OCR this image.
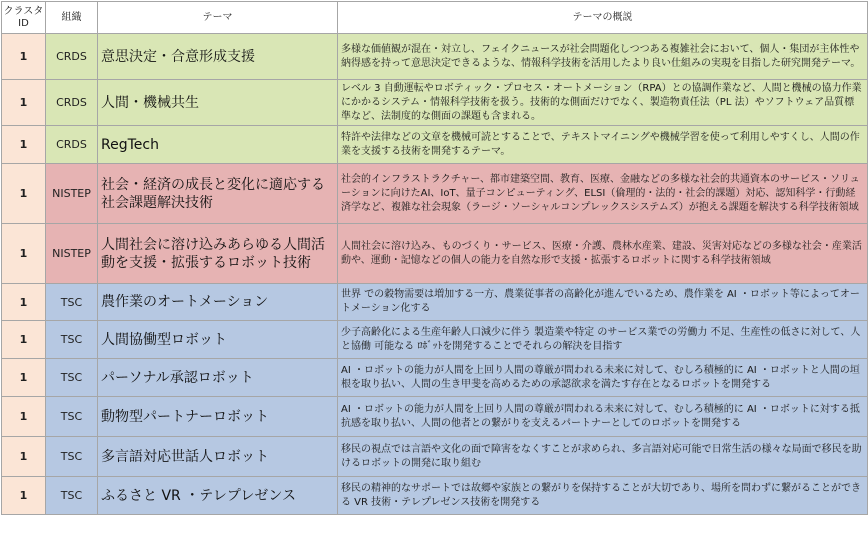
クラスタ ID	組織	テーマ	テーマの概説
1	CRDS	意思決定・合意形成支援	多様な価値観が混在・対立し、フェイクニュースが社会問題化しつつある複雑社会において、個人・集団が主体性や納得感を持って意思決定できるような、情報科学技術を活用したより良い仕組みの実現を目指した研究開発テーマ。
1	CRDS	人間・機械共生	レベル 3 自動運転やロボティック・プロセス・オートメーション（RPA）との協調作業など、人間と機械の協力作業にかかるシステム・情報科学技術を扱う。技術的な側面だけでなく、製造物責任法（PL 法）やソフトウェア品質標準など、法制度的な側面の課題も含まれる。
1	CRDS	RegTech	特許や法律などの文章を機械可読とすることで、テキストマイニングや機械学習を使って利用しやすくし、人間の作業を支援する技術を開発するテーマ。
1	NISTEP	社会・経済の成長と変化に適応する社会課題解決技術	社会的インフラストラクチャー、都市建築空間、教育、医療、金融などの多様な社会的共通資本のサービス・ソリューションに向けたAI、IoT、量子コンピューティング、ELSI（倫理的・法的・社会的課題）対応、認知科学・行動経済学など、複雑な社会現象（ラージ・ソーシャルコンプレックスシステムズ）が抱える課題を解決する科学技術領域
1	NISTEP	人間社会に溶け込みあらゆる人間活動を支援・拡張するロボット技術	人間社会に溶け込み、ものづくり・サービス、医療・介護、農林水産業、建設、災害対応などの多様な社会・産業活動や、運動・記憶などの個人の能力を自然な形で支援・拡張するロボットに関する科学技術領域
1	TSC	農作業のオートメーション	世界 での穀物需要は増加する一方、農業従事者の高齢化が進んでいるため、農作業を AI ・ロボット等によってオートメーション化する
1	TSC	人間協働型ロボット	少子高齢化による生産年齢人口減少に伴う 製造業や特定 のサービス業での労働力 不足、生産性の低さに対して、人と協働 可能なる ﾛﾎﾞｯﾄを開発することでそれらの解決を目指す
1	TSC	パーソナル承認ロボット	AI ・ロボットの能力が人間を上回り人間の尊厳が問われる未来に対して、むしろ積極的に AI ・ロボットと人間の垣根を取り払い、人間の生き甲斐を高めるための承認欲求を満たす存在となるロボットを開発する
1	TSC	動物型パートナーロボット	AI ・ロボットの能力が人間を上回り人間の尊厳が問われる未来に対して、むしろ積極的に AI ・ロボットに対する抵抗感を取り払い、人間の他者との繋がりを支えるパートナーとしてのロボットを開発する
1	TSC	多言語対応世話人ロボット	移民の視点では言語や文化の面で障害をなくすことが求められ、多言語対応可能で日常生活の様々な局面で移民を助けるロボットの開発に取り組む
1	TSC	ふるさと VR ・テレプレゼンス	移民の精神的なサポートでは故郷や家族との繋がりを保持することが大切であり、場所を問わずに繋がることができる VR 技術・テレプレゼンス技術を開発する
